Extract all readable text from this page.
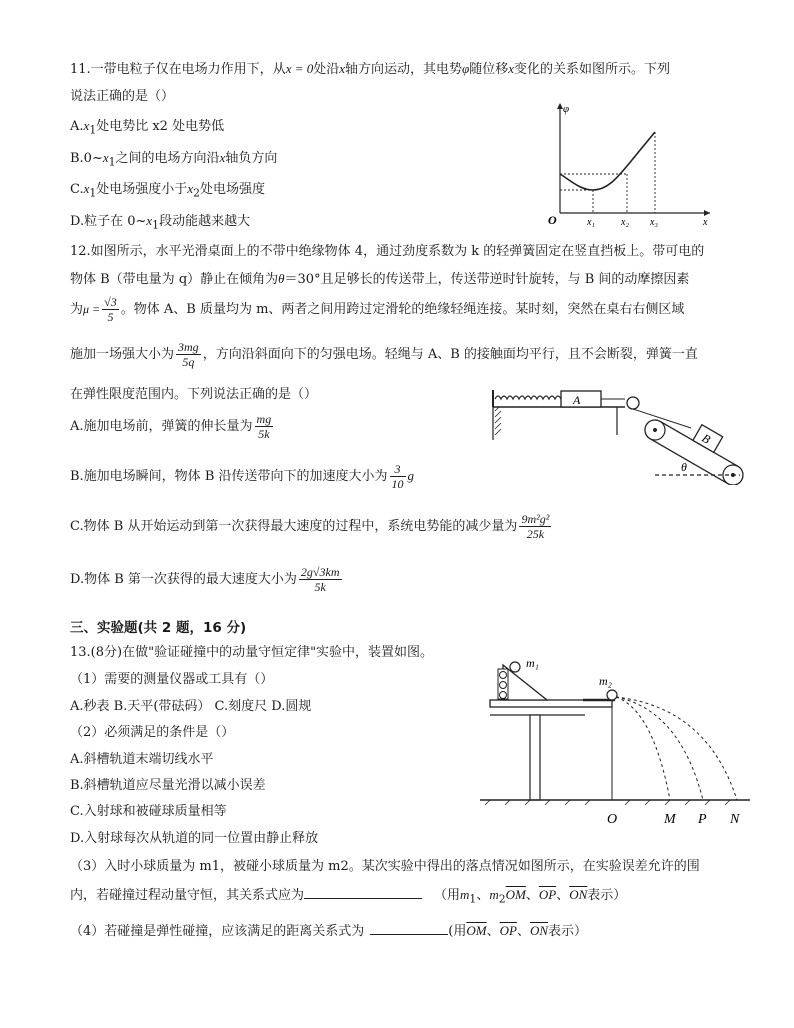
11.一带电粒子仅在电场力作用下，从x = 0处沿x轴方向运动，其电势φ随位移x变化的关系如图所示。下列
说法正确的是（）
$A.x_1$处电势比 x2 处电势低
$B.0\sim x_1$之间的电场方向沿x轴负方向
$C.x_1$处电场强度小于$x_2$处电场强度
D.粒子在 $0\sim x_1$段动能越来越大
φ
O	x₁	x₂ x₃	x
12.如图所示，水平光滑桌面上的不带中绝缘物体 4，通过劲度系数为 k 的轻弹簧固定在竖直挡板上。带可电的
物体 B（带电量为 q）静止在倾角为θ＝30°且足够长的传送带上，传送带逆时针旋转，与 B 间的动摩擦因素
为$\mu = \frac{√3}{5}$ 。物体 A、B 质量均为 m、两者之间用跨过定滑轮的绝缘轻绳连接。某时刻，突然在桌右右侧区域
施加一场强大小为 $\frac{3mg}{5q}$ ，方向沿斜面向下的匀强电场。轻绳与 A、B 的接触面均平行，且不会断裂，弹簧一直
在弹性限度范围内。下列说法正确的是（）
A.施加电场前，弹簧的伸长量为 $\frac{mg}{5k}$
B.施加电场瞬间，物体 B 沿传送带向下的加速度大小为 $\frac{3}{10}$ g
C.物体 B 从开始运动到第一次获得最大速度的过程中，系统电势能的减少量为 $\frac{\text{9m²g²}}{25k}$
D.物体 B 第一次获得的最大速度大小为 $\frac{2g√3km}{5k}$
A
B
θ
三、实验题(共 2 题，16 分)
13.(8分)在做"验证碰撞中的动量守恒定律"实验中，装置如图。
（1）需要的测量仪器或工具有（）
A.秒表 B.天平(带砝码） C.刻度尺 D.圆规
（2）必须满足的条件是（）
A.斜槽轨道末端切线水平
B.斜槽轨道应尽量光滑以减小误差
C.入射球和被碰球质量相等
D.入射球每次从轨道的同一位置由静止释放
（3）入时小球质量为 m1，被碰小球质量为 m2。某次实验中得出的落点情况如图所示，在实验误差允许的围
内，若碰撞过程动量守恒，其关系式应为	（用$m_1$、$m_2\overline{OM}$、$\overline{OP}$、$\overline{ON}$表示）
（4）若碰撞是弹性碰撞，应该满足的距离关系式为	(用$\overline{OM}$、$\overline{OP}$、$\overline{ON}$表示）
m₁
m₂
O	M P N
